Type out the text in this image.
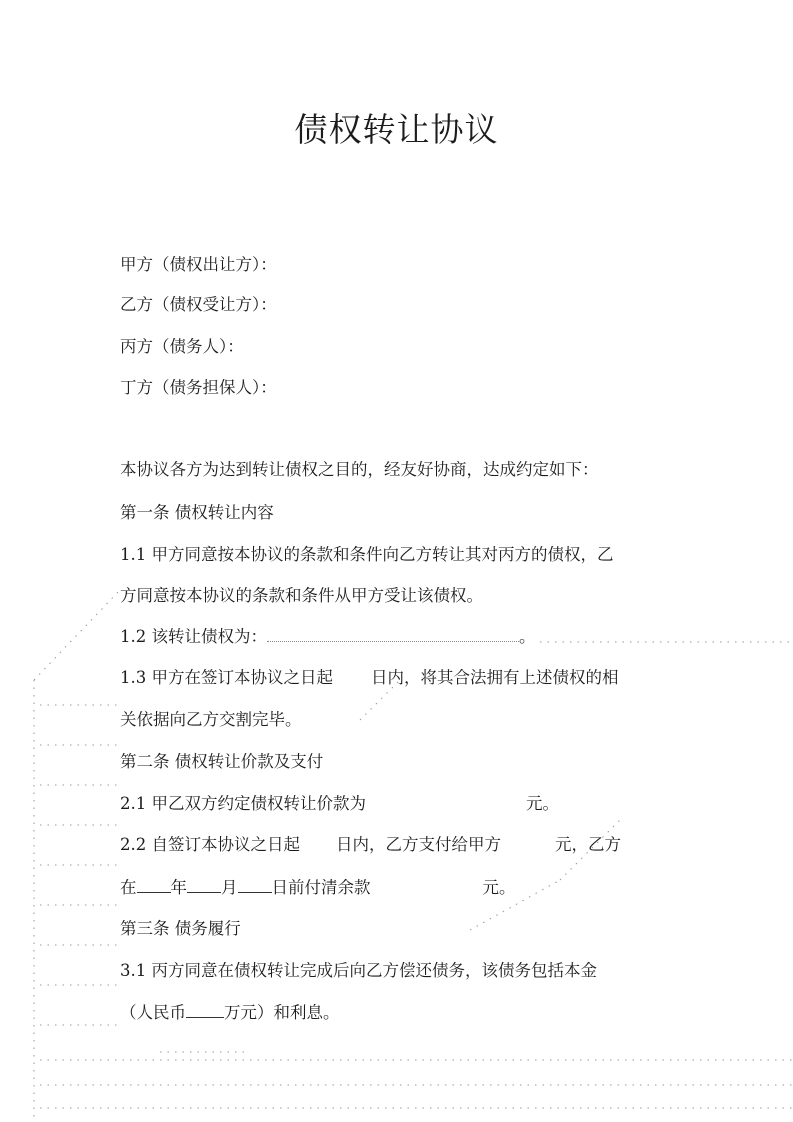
债权转让协议
甲方（债权出让方）：
乙方（债权受让方）：
丙方（债务人）：
丁方（债务担保人）：
本协议各方为达到转让债权之目的，经友好协商，达成约定如下：
第一条 债权转让内容
1.1 甲方同意按本协议的条款和条件向乙方转让其对丙方的债权，乙
方同意按本协议的条款和条件从甲方受让该债权。
1.2 该转让债权为：	。
1.3 甲方在签订本协议之日起 日内，将其合法拥有上述债权的相
关依据向乙方交割完毕。
第二条 债权转让价款及支付
2.1 甲乙双方约定债权转让价款为	元。
2.2 自签订本协议之日起 日内，乙方支付给甲方	元，乙方
在 年 月 日前付清余款	元。
第三条 债务履行
3.1 丙方同意在债权转让完成后向乙方偿还债务，该债务包括本金
（人民币 万元）和利息。
